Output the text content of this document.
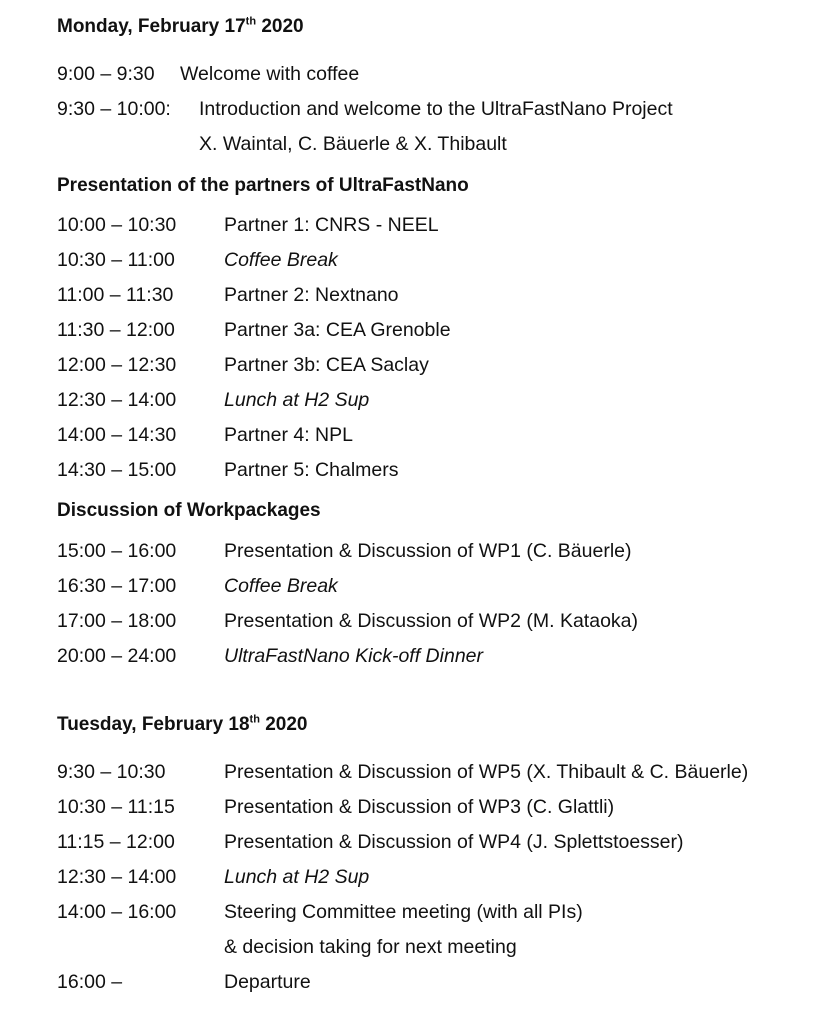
Monday, February 17th 2020
9:00 – 9:30 Welcome with coffee
9:30 – 10:00: Introduction and welcome to the UltraFastNano Project
X. Waintal, C. Bäuerle & X. Thibault
Presentation of the partners of UltraFastNano
10:00 – 10:30 Partner 1: CNRS - NEEL
10:30 – 11:00	Coffee Break
11:00 – 11:30	Partner 2: Nextnano
11:30 – 12:00	Partner 3a: CEA Grenoble
12:00 – 12:30 Partner 3b: CEA Saclay
12:30 – 14:00 Lunch at H2 Sup
14:00 – 14:30 Partner 4: NPL
14:30 – 15:00 Partner 5: Chalmers
Discussion of Workpackages
15:00 – 16:00 Presentation & Discussion of WP1 (C. Bäuerle)
16:30 – 17:00 Coffee Break
17:00 – 18:00 Presentation & Discussion of WP2 (M. Kataoka)
20:00 – 24:00 UltraFastNano Kick-off Dinner
Tuesday, February 18th 2020
9:30 – 10:30	Presentation & Discussion of WP5 (X. Thibault & C. Bäuerle)
10:30 – 11:15	Presentation & Discussion of WP3 (C. Glattli)
11:15 – 12:00	Presentation & Discussion of WP4 (J. Splettstoesser)
12:30 – 14:00 Lunch at H2 Sup
14:00 – 16:00 Steering Committee meeting (with all PIs)
& decision taking for next meeting
16:00 –	Departure
